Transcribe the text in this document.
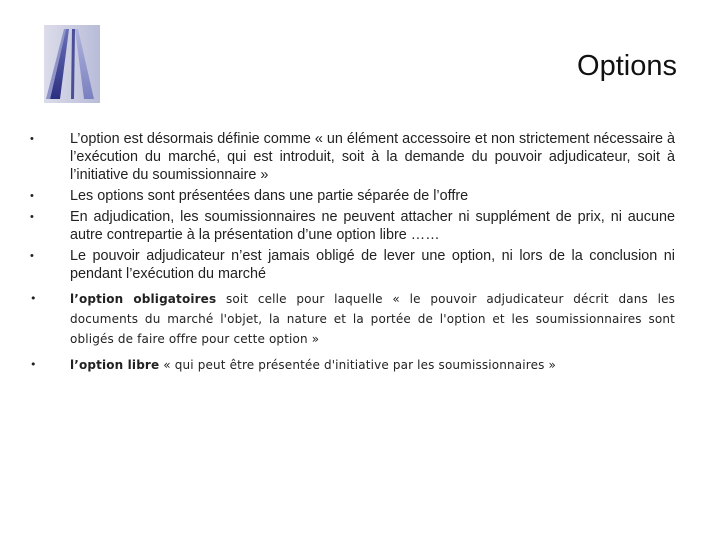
Options
•	L’option est désormais définie comme « un élément accessoire et non strictement nécessaire à l’exécution du marché, qui est introduit, soit à la demande du pouvoir adjudicateur, soit à l’initiative du soumissionnaire »
•	Les options sont présentées dans une partie séparée de l’offre
•	En adjudication, les soumissionnaires ne peuvent attacher ni supplément de prix, ni aucune autre contrepartie à la présentation d’une option libre ……
•	Le pouvoir adjudicateur n’est jamais obligé de lever une option, ni lors de la conclusion ni pendant l’exécution du marché
•	l’option obligatoires soit celle pour laquelle « le pouvoir adjudicateur décrit dans les documents du marché l'objet, la nature et la portée de l'option et les soumissionnaires sont obligés de faire offre pour cette option »
•	l’option libre « qui peut être présentée d'initiative par les soumissionnaires »
